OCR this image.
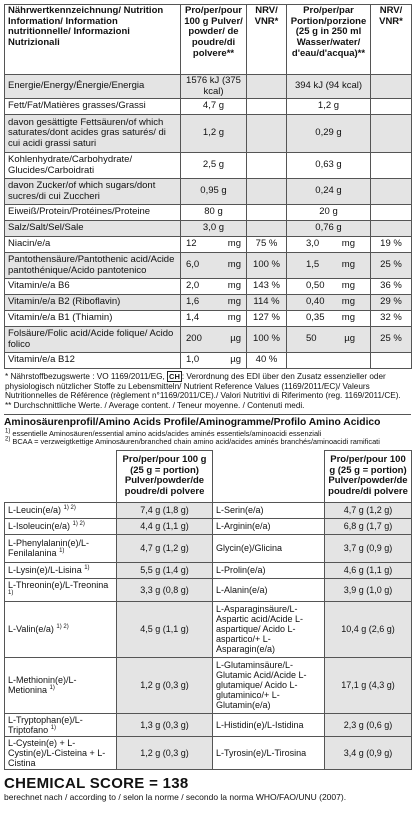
Nährwertkennzeichnung/ Nutrition Information/ Information nutritionnelle/ Informazioni Nutrizionali	Pro/per/pour 100 g Pulver/ powder/ de poudre/di polvere**	NRV/ VNR*	Pro/per/par Portion/porzione (25 g in 250 ml Wasser/water/ d'eau/d'acqua)**	NRV/ VNR*
Energie/Energy/Énergie/Energia	1576 kJ (375 kcal)		394 kJ (94 kcal)	
Fett/Fat/Matières grasses/Grassi	4,7 g		1,2 g	
davon gesättigte Fettsäuren/of which saturates/dont acides gras saturés/ di cui acidi grassi saturi	1,2 g		0,29 g	
Kohlenhydrate/Carbohydrate/ Glucides/Carboidrati	2,5 g		0,63 g	
davon Zucker/of which sugars/dont sucres/di cui Zuccheri	0,95 g		0,24 g	
Eiweiß/Protein/Protéines/Proteine	80 g		20 g	
Salz/Salt/Sel/Sale	3,0 g		0,76 g	
Niacin/e/a	12 mg	75 %	3,0 mg	19 %
Pantothensäure/Pantothenic acid/Acide pantothénique/Acido pantotenico	6,0 mg	100 %	1,5 mg	25 %
Vitamin/e/a B6	2,0 mg	143 %	0,50 mg	36 %
Vitamin/e/a B2 (Riboflavin)	1,6 mg	114 %	0,40 mg	29 %
Vitamin/e/a B1 (Thiamin)	1,4 mg	127 %	0,35 mg	32 %
Folsäure/Folic acid/Acide folique/ Acido folico	200 µg	100 %	50 µg	25 %
Vitamin/e/a B12	1,0 µg	40 %	

* Nährstoffbezugswerte : VO 1169/2011/EG, CH : Verordnung des EDI über den Zusatz essenzieller oder physiologisch nützlicher Stoffe zu Lebensmitteln/ Nutrient Reference Values (1169/2011/EC)/ Valeurs Nutritionnelles de Référence (règlement n°1169/2011/CE)./ Valori Nutritivi di Riferimento (reg. 1169/2011/CE).

** Durchschnittliche Werte. / Average content. / Teneur moyenne. / Contenuti medi.

Aminosäurenprofil/Amino Acids Profile/Aminogramme/Profilo Amino Acidico
$^{1)}$ essentielle Aminosäuren/essential amino acids/acides aminés essentiels/aminoacidi essenziali
$^{2)}$ BCAA = verzweigtkettige Aminosäuren/branched chain amino acid/acides aminés branchés/aminoacidi ramificati
	Pro/per/pour 100 g (25 g = portion) Pulver/powder/de poudre/di polvere		Pro/per/pour 100 g (25 g = portion) Pulver/powder/de poudre/di polvere
L-Leucin(e/a) $^{1) 2)}$	7,4 g (1,8 g)	L-Serin(e/a)	4,7 g (1,2 g)
L-Isoleucin(e/a) $^{1) 2)}$	4,4 g (1,1 g)	L-Arginin(e/a)	6,8 g (1,7 g)
L-Phenylalanin(e)/L-Fenilalanina $^{1)}$	4,7 g (1,2 g)	Glycin(e)/Glicina	3,7 g (0,9 g)
L-Lysin(e)/L-Lisina $^{1)}$	5,5 g (1,4 g)	L-Prolin(e/a)	4,6 g (1,1 g)
L-Threonin(e)/L-Treonina $^{1)}$	3,3 g (0,8 g)	L-Alanin(e/a)	3,9 g (1,0 g)
L-Valin(e/a) $^{1) 2)}$	4,5 g (1,1 g)	L-Asparaginsäure/L-Aspartic acid/Acide L-aspartique/ Acido L-aspartico/+ L-Asparagin(e/a)	10,4 g (2,6 g)
L-Methionin(e)/L-Metionina $^{1)}$	1,2 g (0,3 g)	L-Glutaminsäure/L-Glutamic Acid/Acide L-glutamique/ Acido L-glutaminico/+ L-Glutamin(e/a)	17,1 g (4,3 g)
L-Tryptophan(e)/L-Triptofano $^{1)}$	1,3 g (0,3 g)	L-Histidin(e)/L-Istidina	2,3 g (0,6 g)
L-Cystein(e) + L-Cystin(e)/L-Cisteina + L-Cistina	1,2 g (0,3 g)	L-Tyrosin(e)/L-Tirosina	3,4 g (0,9 g)
CHEMICAL SCORE = 138
berechnet nach / according to / selon la norme / secondo la norma WHO/FAO/UNU (2007).
